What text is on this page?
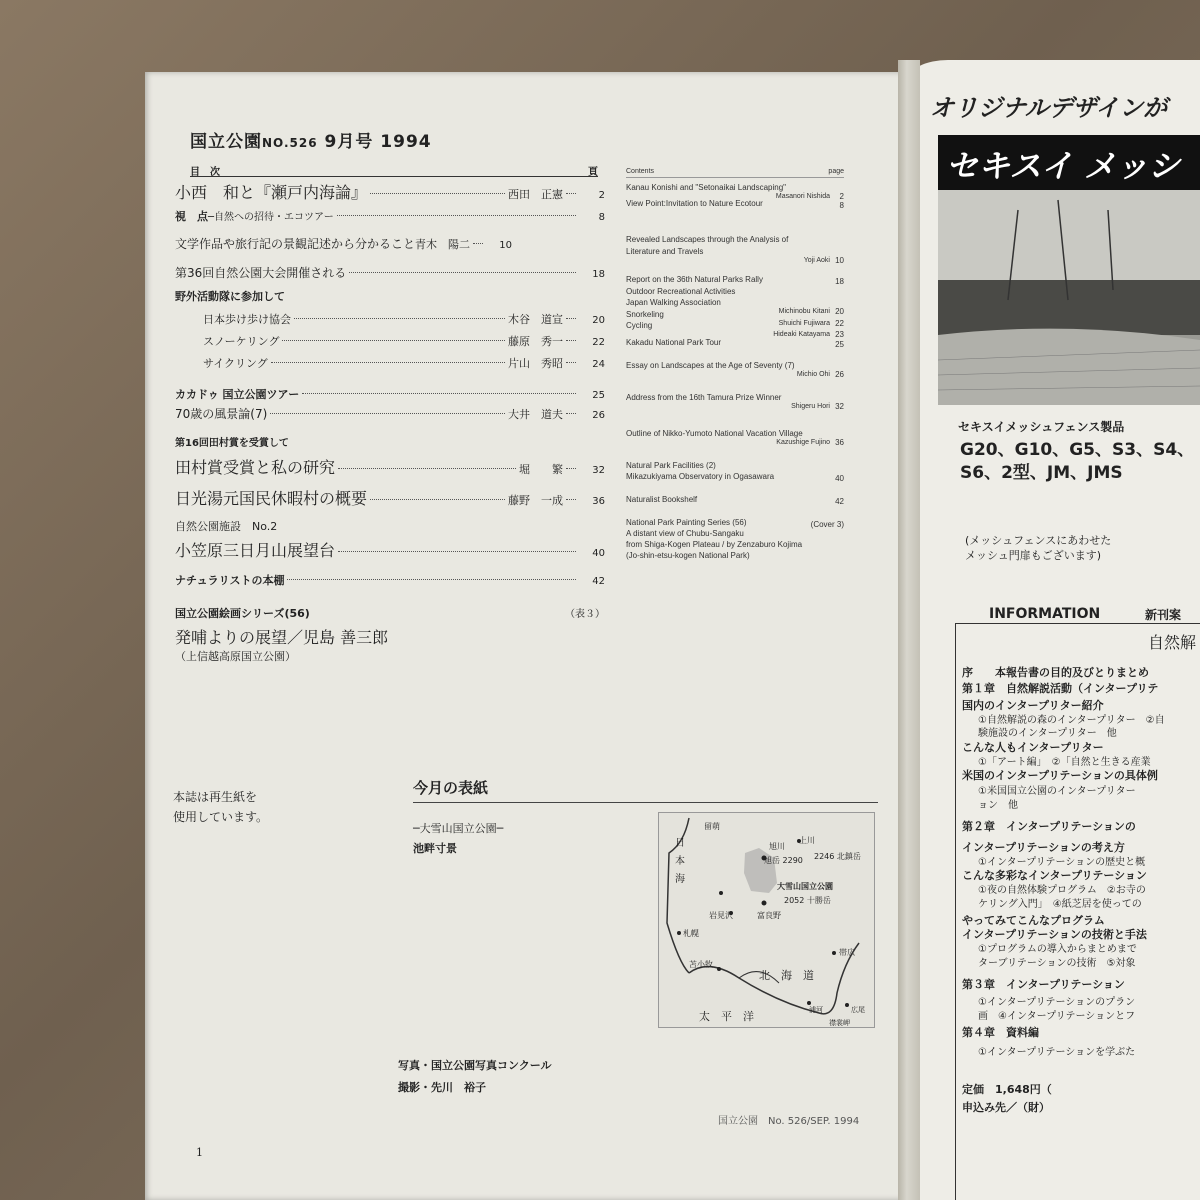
国立公園NO.526 9月号 1994
目　次	頁
小西　和と『瀬戸内海論』	西田　正憲	2
視　点 ─自然への招待・エコツアー	8
文学作品や旅行記の景観記述から分かること 青木　陽二	10
第36回自然公園大会開催される	18
野外活動隊に参加して
日本歩け歩け協会	木谷　道宣	20
スノーケリング	藤原　秀一	22
サイクリング	片山　秀昭	24
カカドゥ 国立公園ツアー	25
70歳の風景論(7)	大井　道夫	26
第16回田村賞を受賞して
田村賞受賞と私の研究	堀　　繁	32
日光湯元国民休暇村の概要	藤野　一成	36
自然公園施設　No.2
小笠原三日月山展望台	40
ナチュラリストの本棚	42
国立公園絵画シリーズ(56)	（表３）
発哺よりの展望／児島 善三郎
（上信越高原国立公園）
Contents	page
Kanau Konishi and "Setonaikai Landscaping"
Masanori Nishida 2
View Point:Invitation to Nature Ecotour	8
Revealed Landscapes through the Analysis of
Literature and Travels
Yoji Aoki 10
Report on the 36th Natural Parks Rally	18
Outdoor Recreational Activities
Japan Walking Association
Michinobu Kitani 20
Snorkeling
Shuichi Fujiwara 22
Cycling
Hideaki Katayama 23
Kakadu National Park Tour	25
Essay on Landscapes at the Age of Seventy (7)
Michio Ohi 26
Address from the 16th Tamura Prize Winner
Shigeru Hori 32
Outline of Nikko-Yumoto National Vacation Village
Kazushige Fujino 36
Natural Park Facilities (2)
Mikazukiyama Observatory in Ogasawara	40
Naturalist Bookshelf	42
National Park Painting Series (56)	(Cover 3)
A distant view of Chubu-Sangaku
from Shiga-Kogen Plateau / by Zenzaburo Kojima
(Jo-shin-etsu-kogen National Park)
本誌は再生紙を
使用しています。
今月の表紙
─大雪山国立公園─
池畔寸景
写真・国立公園写真コンクール
撮影・先川　裕子
留萌
上川
旭川
旭岳 2290 2246 北鎮岳
日
本
海
大雪山国立公園
2052 十勝岳
岩見沢	富良野
札幌
帯広
苫小牧
北　海　道
浦河	広尾
太　平　洋	襟裳岬
1
国立公園　No. 526/SEP. 1994
オリジナルデザインが
セキスイ メッシ
セキスイメッシュフェンス製品
G20、G10、G5、S3、S4、
S6、2型、JM、JMS
(メッシュフェンスにあわせた
メッシュ門扉もございます)
INFORMATION	新刊案
自然解
序　　本報告書の目的及びとりまとめ
第１章　自然解説活動（インタープリテ
国内のインタープリター紹介
①自然解説の森のインタープリター　②自
験施設のインタープリター　他
こんな人もインタープリター
①「アート編」　②「自然と生きる産業
米国のインタープリテーションの具体例
①米国国立公園のインタープリター
ョン　他
第２章　インタープリテーションの
インタープリテーションの考え方
①インタープリテーションの歴史と概
こんな多彩なインタープリテーション
①夜の自然体験プログラム　②お寺の
ケリング入門」　④紙芝居を使っての
やってみてこんなプログラム
インタープリテーションの技術と手法
①プログラムの導入からまとめまで
ターブリテーションの技術　⑤対象
第３章　インタープリテーション
①インタープリテーションのプラン
画　④インタープリテーションとフ
第４章　資料編
①インタープリテーションを学ぶた
定価　1,648円（
申込み先／（財）
